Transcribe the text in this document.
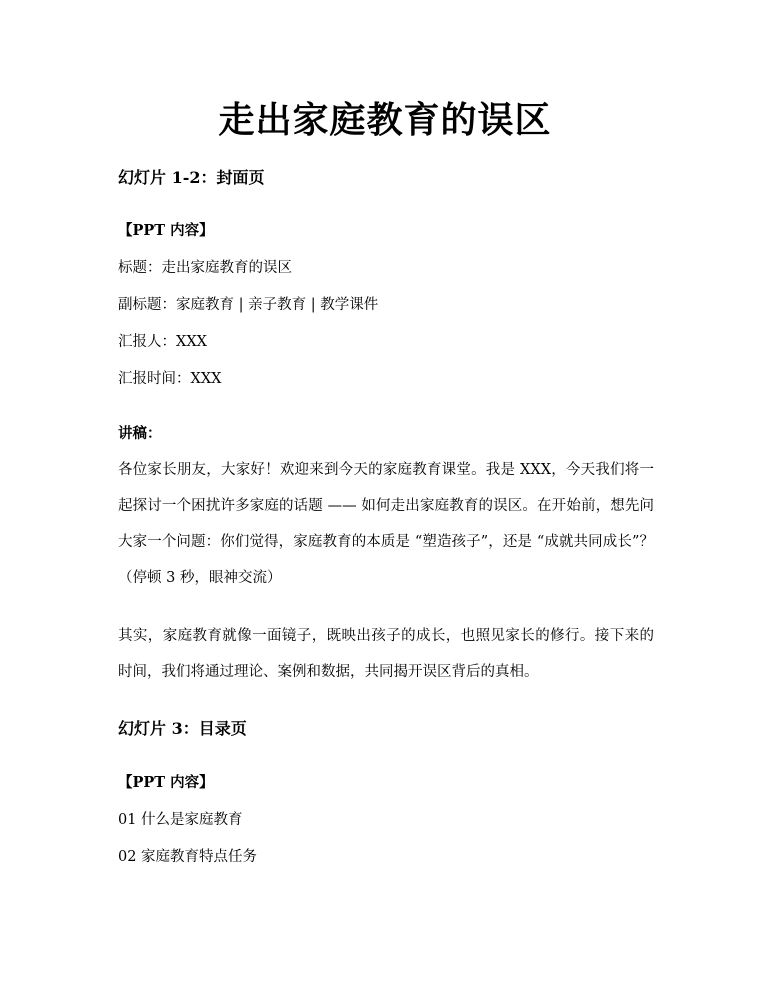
走出家庭教育的误区

幻灯片 1-2：封面页

【PPT 内容】

标题：走出家庭教育的误区

副标题：家庭教育 | 亲子教育 | 教学课件

汇报人：XXX

汇报时间：XXX

讲稿：

各位家长朋友，大家好！欢迎来到今天的家庭教育课堂。我是 XXX，今天我们将一起探讨一个困扰许多家庭的话题 —— 如何走出家庭教育的误区。在开始前，想先问大家一个问题：你们觉得，家庭教育的本质是 “塑造孩子”，还是 “成就共同成长”？（停顿 3 秒，眼神交流）

其实，家庭教育就像一面镜子，既映出孩子的成长，也照见家长的修行。接下来的时间，我们将通过理论、案例和数据，共同揭开误区背后的真相。

幻灯片 3：目录页

【PPT 内容】

01 什么是家庭教育

02 家庭教育特点任务
